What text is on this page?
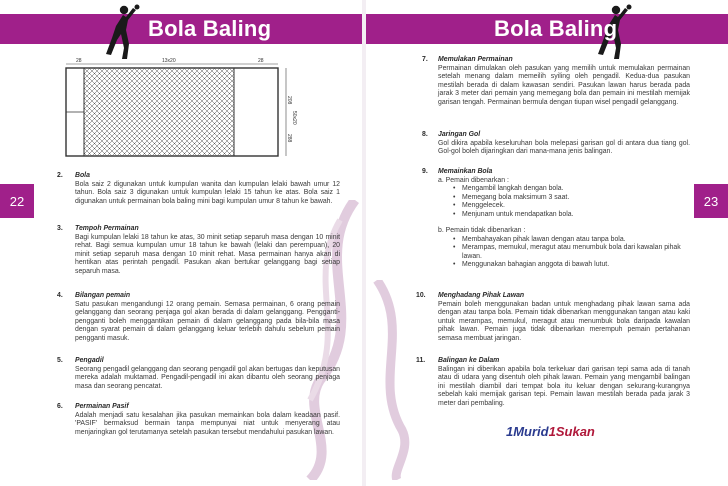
Bola Baling	Bola Baling
22	23
28	13x20	28
208
50x20
288
2. Bola
Bola saiz 2 digunakan untuk kumpulan wanita dan kumpulan lelaki bawah umur 12 tahun. Bola saiz 3 digunakan untuk kumpulan lelaki 15 tahun ke atas. Bola saiz 1 digunakan untuk permainan bola baling mini bagi kumpulan umur 8 tahun ke bawah.
3. Tempoh Permainan
Bagi kumpulan lelaki 18 tahun ke atas, 30 minit setiap separuh masa dengan 10 minit rehat. Bagi semua kumpulan umur 18 tahun ke bawah (lelaki dan perempuan), 20 minit setiap separuh masa dengan 10 minit rehat. Masa permainan hanya akan di hentikan atas perintah pengadil. Pasukan akan bertukar gelanggang bagi setiap separuh masa.
4. Bilangan pemain
Satu pasukan mengandungi 12 orang pemain. Semasa permainan, 6 orang pemain gelanggang dan seorang penjaga gol akan berada di dalam gelanggang. Pengganti-pengganti boleh menggantikan pemain di dalam gelanggang pada bila-bila masa dengan syarat pemain di dalam gelanggang keluar terlebih dahulu sebelum pemain pengganti masuk.
5. Pengadil
Seorang pengadil gelanggang dan seorang pengadil gol akan bertugas dan keputusan mereka adalah muktamad. Pengadil-pengadil ini akan dibantu oleh seorang penjaga masa dan seorang pencatat.
6. Permainan Pasif
Adalah menjadi satu kesalahan jika pasukan memainkan bola dalam keadaan pasif. 'PASIF' bermaksud bermain tanpa mempunyai niat untuk menyerang atau menjaringkan gol terutamanya setelah pasukan tersebut mendahului pasukan lawan.
7. Memulakan Permainan
Permainan dimulakan oleh pasukan yang memilih untuk memulakan permainan setelah menang dalam memeilih syiling oleh pengadil. Kedua-dua pasukan mestilah berada di dalam kawasan sendiri. Pasukan lawan harus berada pada jarak 3 meter dari pemain yang memegang bola dan pemain ini mestilah memijak garisan tengah. Permainan bermula dengan tiupan wisel pengadil gelanggang.
8. Jaringan Gol
Gol dikira apabila keseluruhan bola melepasi garisan gol di antara dua tiang gol. Gol-gol boleh dijaringkan dari mana-mana jenis balingan.
9. Memainkan Bola
a. Pemain dibenarkan :
• Mengambil langkah dengan bola.
• Memegang bola maksimum 3 saat.
• Menggelecek.
• Menjunam untuk mendapatkan bola.
b. Pemain tidak dibenarkan :
• Membahayakan pihak lawan dengan atau tanpa bola.
• Merampas, memukul, meragut atau menumbuk bola dari kawalan pihak lawan.
• Menggunakan bahagian anggota di bawah lutut.
10. Menghadang Pihak Lawan
Pemain boleh menggunakan badan untuk menghadang pihak lawan sama ada dengan atau tanpa bola. Pemain tidak dibenarkan menggunakan tangan atau kaki untuk merampas, memukul, meragut atau menumbuk bola daripada kawalan pihak lawan. Pemain juga tidak dibenarkan merempuh pemain pertahanan semasa membuat jaringan.
11. Balingan ke Dalam
Balingan ini diberikan apabila bola terkeluar dari garisan tepi sama ada di tanah atau di udara yang disentuh oleh pihak lawan. Pemain yang mengambil balingan ini mestilah diambil dari tempat bola itu keluar dengan sekurang-kurangnya sebelah kaki memijak garisan tepi. Pemain lawan mestilah berada pada jarak 3 meter dari pembaling.
1Murid1Sukan
